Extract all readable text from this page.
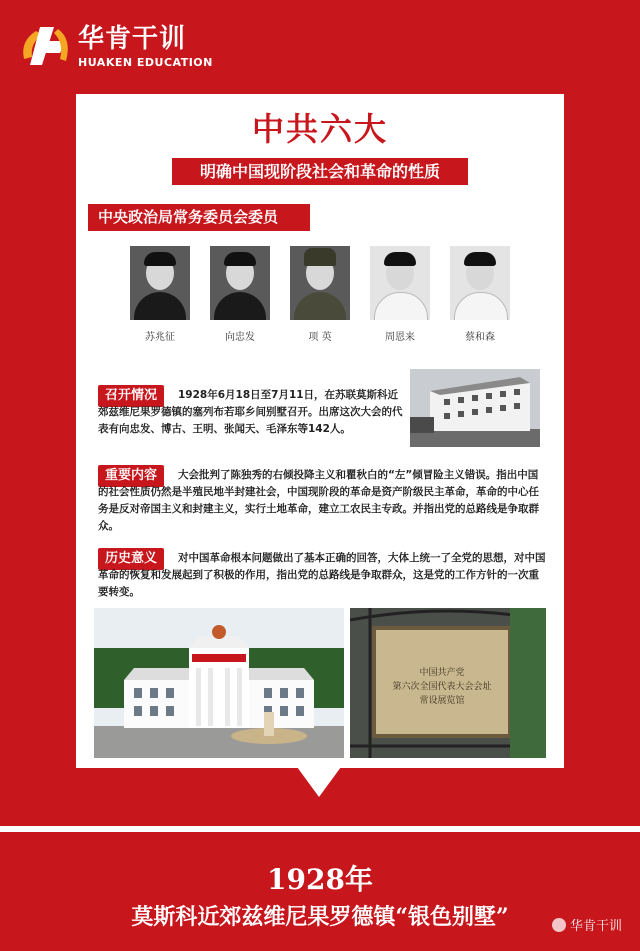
华肯干训
HUAKEN EDUCATION
中共六大
明确中国现阶段社会和革命的性质
中央政治局常务委员会委员
苏兆征	向忠发	项 英	周恩来	蔡和森
召开情况	1928年6月18日至7月11日，在苏联莫斯科近郊兹维尼果罗德镇的塞列布若耶乡间别墅召开。出席这次大会的代表有向忠发、博古、王明、张闻天、毛泽东等142人。
重要内容	大会批判了陈独秀的右倾投降主义和瞿秋白的“左”倾冒险主义错误。指出中国的社会性质仍然是半殖民地半封建社会，中国现阶段的革命是资产阶级民主革命，革命的中心任务是反对帝国主义和封建主义，实行土地革命，建立工农民主专政。并指出党的总路线是争取群众。
历史意义	对中国革命根本问题做出了基本正确的回答，大体上统一了全党的思想，对中国革命的恢复和发展起到了积极的作用，指出党的总路线是争取群众，这是党的工作方针的一次重要转变。
中国共产党
第六次全国代表大会会址
常设展览馆
1928年
莫斯科近郊兹维尼果罗德镇“银色别墅”	华肯干训
